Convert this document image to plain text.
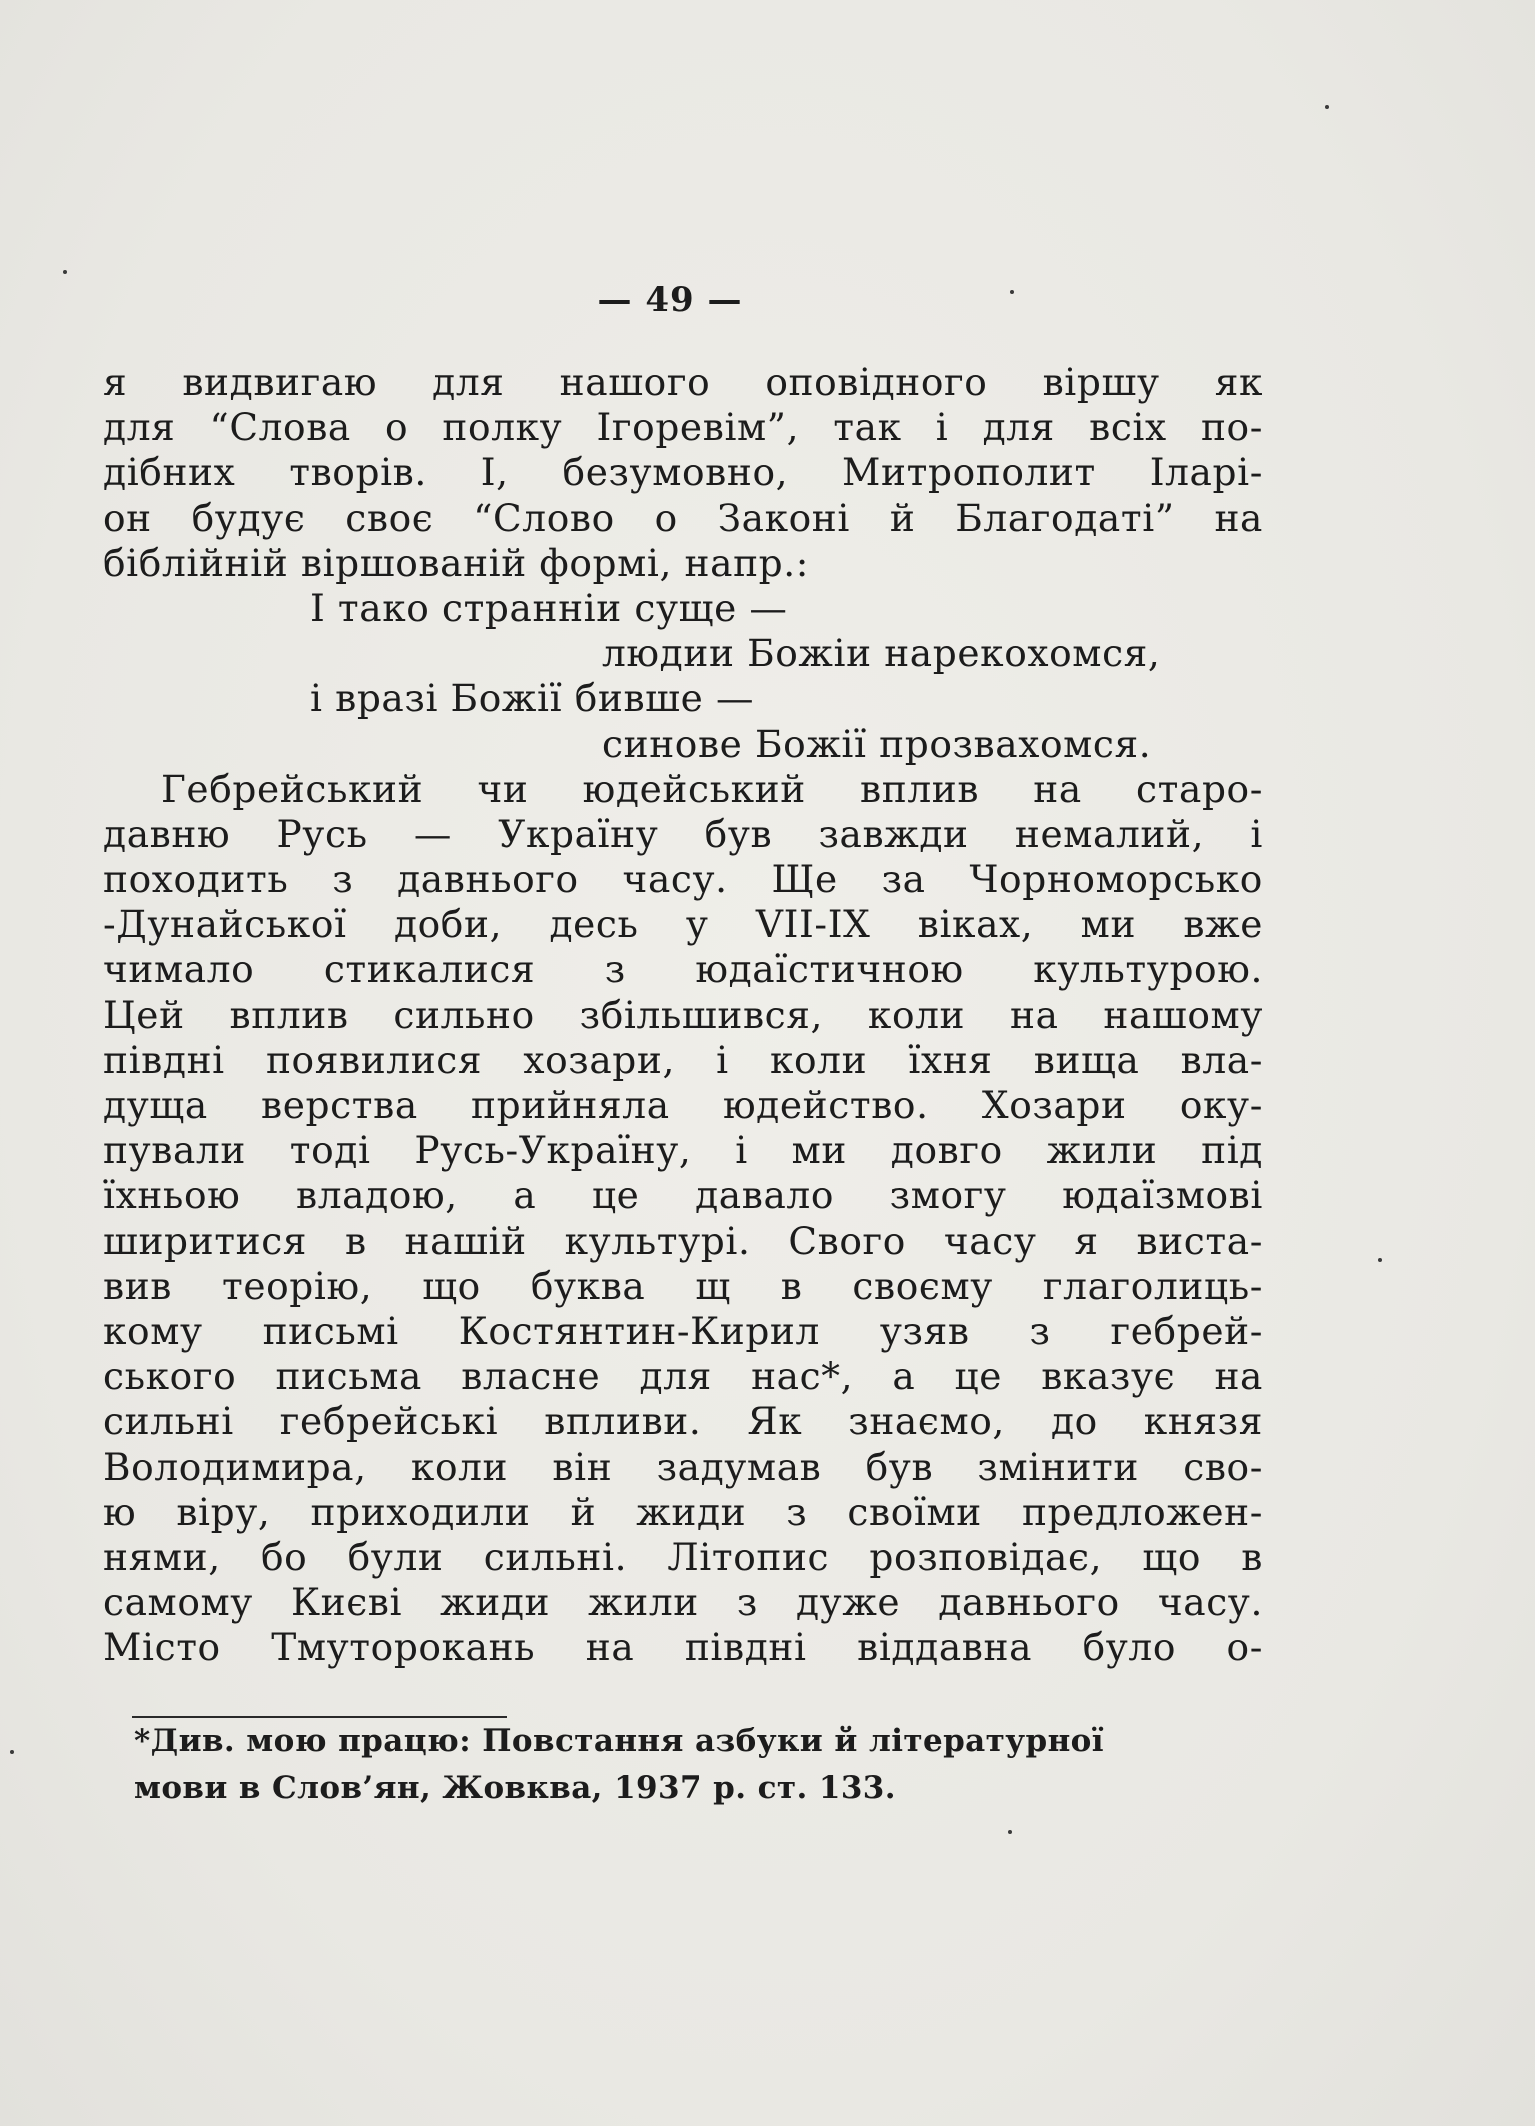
— 49 —
я видвигаю для нашого оповідного віршу як
для “Слова о полку Ігоревім”, так і для всіх по-
дібних творів. І, безумовно, Митрополит Іларі-
он будує своє “Слово о Законі й Благодаті” на
біблійній віршованій формі, напр.:
І тако странніи суще —
людии Божіи нарекохомся,
і вразі Божії бивше —
синове Божії прозвахомся.
Гебрейський чи юдейський вплив на старо-
давню Русь — Україну був завжди немалий, і
походить з давнього часу. Ще за Чорноморсько
-Дунайської доби, десь у VII-IX віках, ми вже
чимало стикалися з юдаїстичною культурою.
Цей вплив сильно збільшився, коли на нашому
півдні появилися хозари, і коли їхня вища вла-
дуща верства прийняла юдейство. Хозари оку-
пували тоді Русь-Україну, і ми довго жили під
їхньою владою, а це давало змогу юдаїзмові
ширитися в нашій культурі. Свого часу я виста-
вив теорію, що буква щ в своєму глаголиць-
кому письмі Костянтин-Кирил узяв з гебрей-
ського письма власне для нас*, а це вказує на
сильні гебрейські впливи. Як знаємо, до князя
Володимира, коли він задумав був змінити сво-
ю віру, приходили й жиди з своїми предложен-
нями, бо були сильні. Літопис розповідає, що в
самому Києві жиди жили з дуже давнього часу.
Місто Тмуторокань на півдні віддавна було о-
*Див. мою працю: Повстання азбуки й літературної
мови в Слов’ян, Жовква, 1937 р. ст. 133.
